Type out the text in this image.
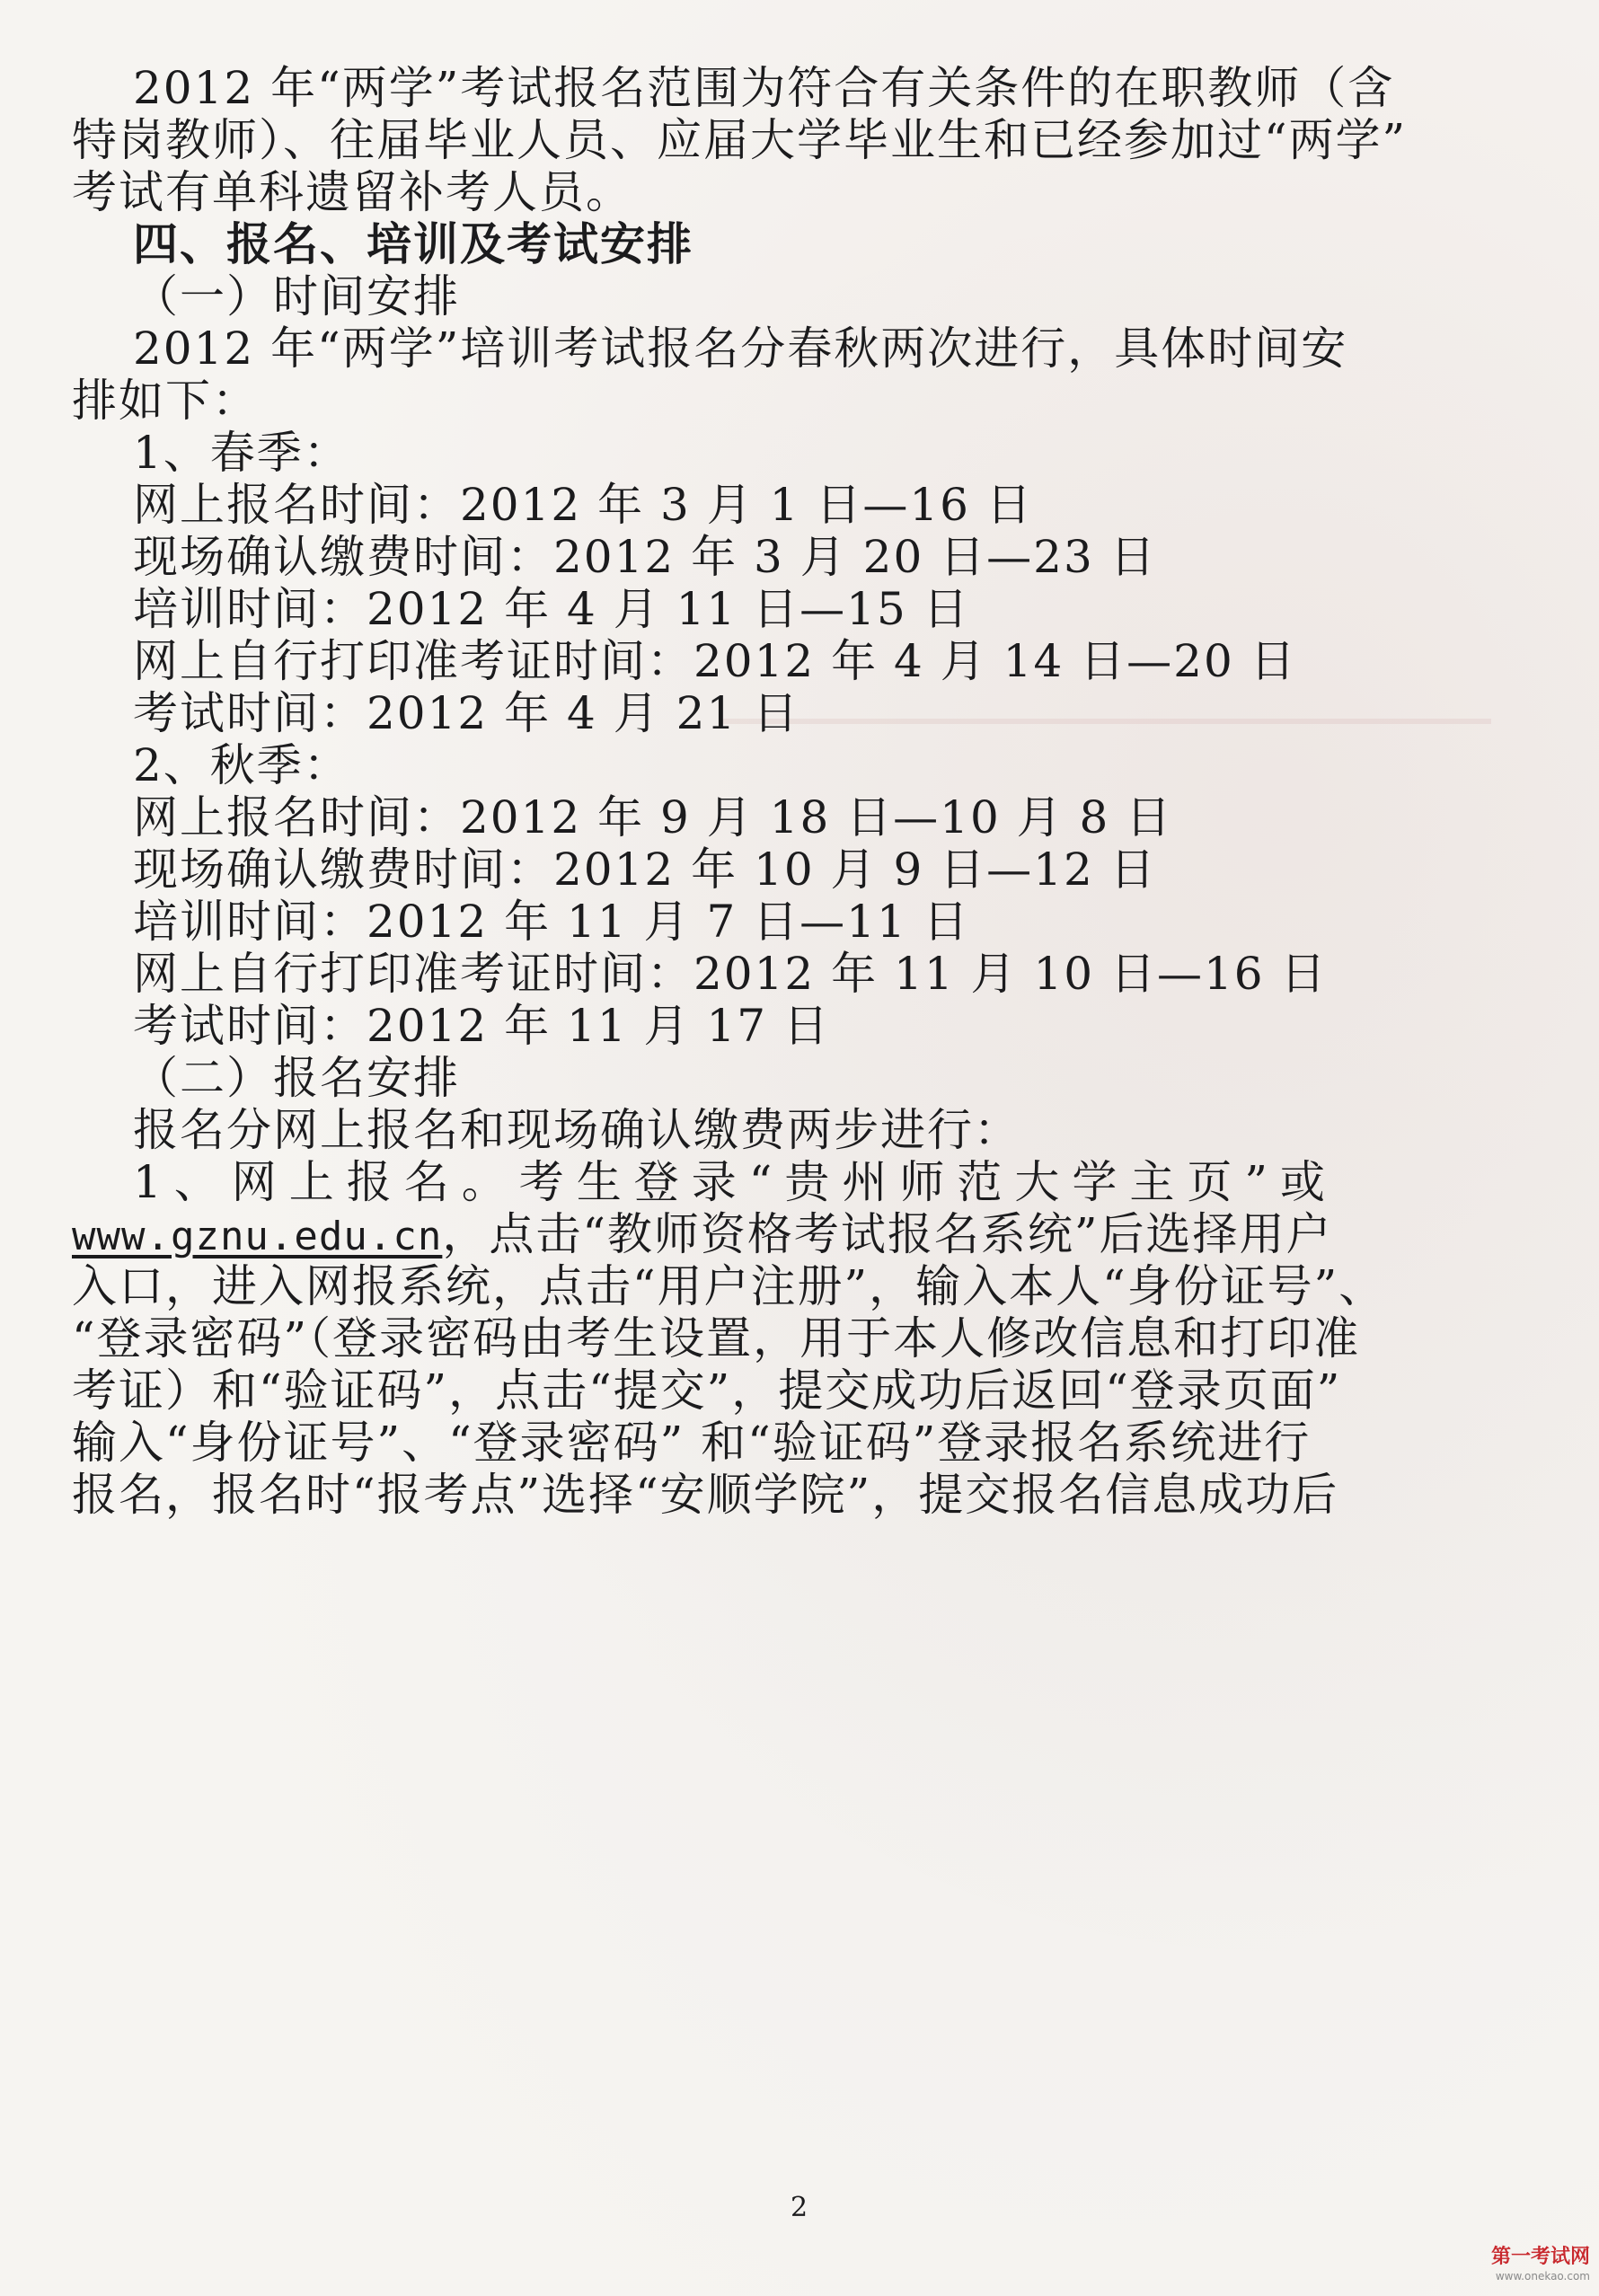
2012 年“两学”考试报名范围为符合有关条件的在职教师（含
特岗教师）、往届毕业人员、应届大学毕业生和已经参加过“两学”
考试有单科遗留补考人员。
四、报名、培训及考试安排
（一）时间安排
2012 年“两学”培训考试报名分春秋两次进行，具体时间安
排如下：
1、春季：
网上报名时间：2012 年 3 月 1 日—16 日
现场确认缴费时间：2012 年 3 月 20 日—23 日
培训时间：2012 年 4 月 11 日—15 日
网上自行打印准考证时间：2012 年 4 月 14 日—20 日
考试时间：2012 年 4 月 21 日
2、秋季：
网上报名时间：2012 年 9 月 18 日—10 月 8 日
现场确认缴费时间：2012 年 10 月 9 日—12 日
培训时间：2012 年 11 月 7 日—11 日
网上自行打印准考证时间：2012 年 11 月 10 日—16 日
考试时间：2012 年 11 月 17 日
（二）报名安排
报名分网上报名和现场确认缴费两步进行：
1、网上报名。考生登录“贵州师范大学主页”或
www.gznu.edu.cn，点击“教师资格考试报名系统”后选择用户
入口，进入网报系统，点击“用户注册”，输入本人“身份证号”、
“登录密码”（登录密码由考生设置，用于本人修改信息和打印准
考证）和“验证码”，点击“提交”，提交成功后返回“登录页面”
输入“身份证号”、“登录密码” 和“验证码”登录报名系统进行
报名，报名时“报考点”选择“安顺学院”，提交报名信息成功后
2
第一考试网
www.onekao.com
